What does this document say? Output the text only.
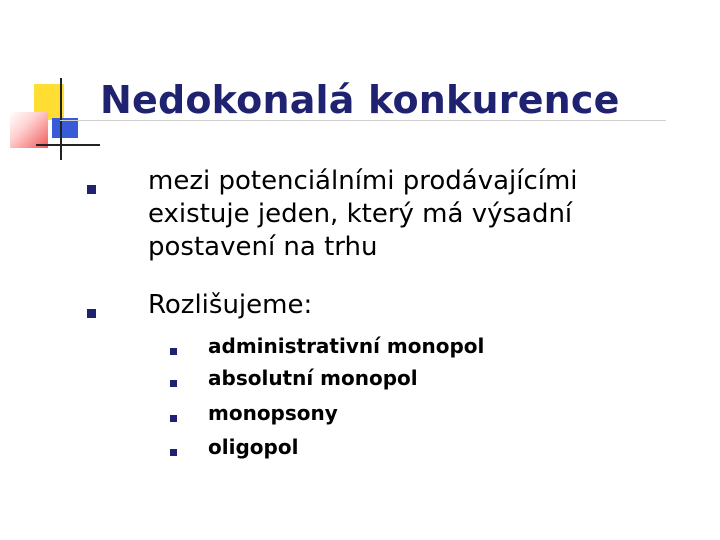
Nedokonalá konkurence
mezi potenciálními prodávajícími existuje jeden, který má výsadní postavení na trhu
Rozlišujeme:
administrativní monopol
absolutní monopol
monopsony
oligopol
